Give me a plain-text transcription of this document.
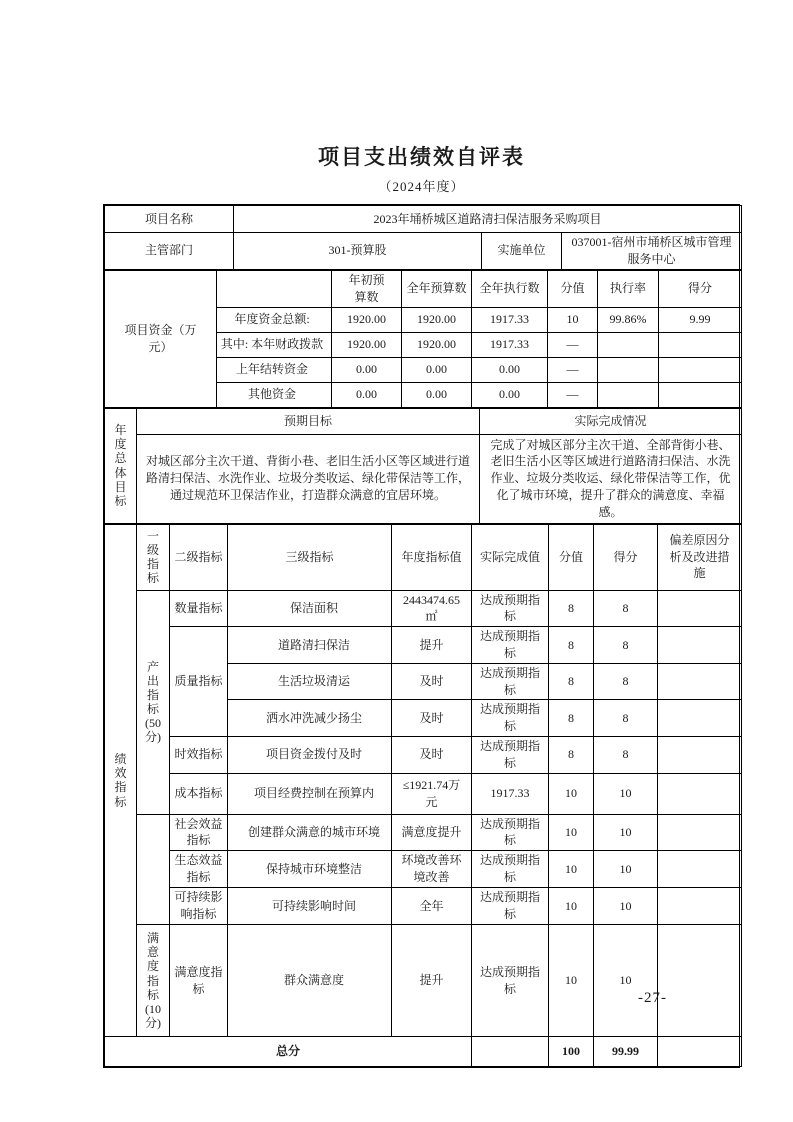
项目支出绩效自评表
（2024年度）
项目名称	2023年埇桥城区道路清扫保洁服务采购项目		
主管部门	301-预算股	实施单位	037001-宿州市埇桥区城市管理服务中心
项目资金（万元）		年初预算数	全年预算数	全年执行数	分值	执行率	得分
	年度资金总额:	1920.00	1920.00	1917.33	10	99.86%	9.99
	其中: 本年财政拨款	1920.00	1920.00	1917.33	—		
	上年结转资金	0.00	0.00	0.00	—		
	其他资金	0.00	0.00	0.00	—		
年度总体目标	预期目标	实际完成情况
	对城区部分主次干道、背街小巷、老旧生活小区等区域进行道路清扫保洁、水洗作业、垃圾分类收运、绿化带保洁等工作，通过规范环卫保洁作业，打造群众满意的宜居环境。	完成了对城区部分主次干道、全部背街小巷、老旧生活小区等区域进行道路清扫保洁、水洗作业、垃圾分类收运、绿化带保洁等工作，优化了城市环境，提升了群众的满意度、幸福感。
绩效指标	一级指标	二级指标	三级指标	年度指标值	实际完成值	分值	得分	偏差原因分析及改进措施
	产出指标(50分)	数量指标	保洁面积	2443474.65㎡	达成预期指标	8	8	
		质量指标	道路清扫保洁	提升	达成预期指标	8	8	
			生活垃圾清运	及时	达成预期指标	8	8	
			洒水冲洗减少扬尘	及时	达成预期指标	8	8	
		时效指标	项目资金拨付及时	及时	达成预期指标	8	8	
		成本指标	项目经费控制在预算内	≤1921.74万元	1917.33	10	10	
		社会效益指标	创建群众满意的城市环境	满意度提升	达成预期指标	10	10	
		生态效益指标	保持城市环境整洁	环境改善环境改善	达成预期指标	10	10	
		可持续影响指标	可持续影响时间	全年	达成预期指标	10	10	
	满意度指标(10分)	满意度指标	群众满意度	提升	达成预期指标	10	10	
总分						100	99.99	
-27-
